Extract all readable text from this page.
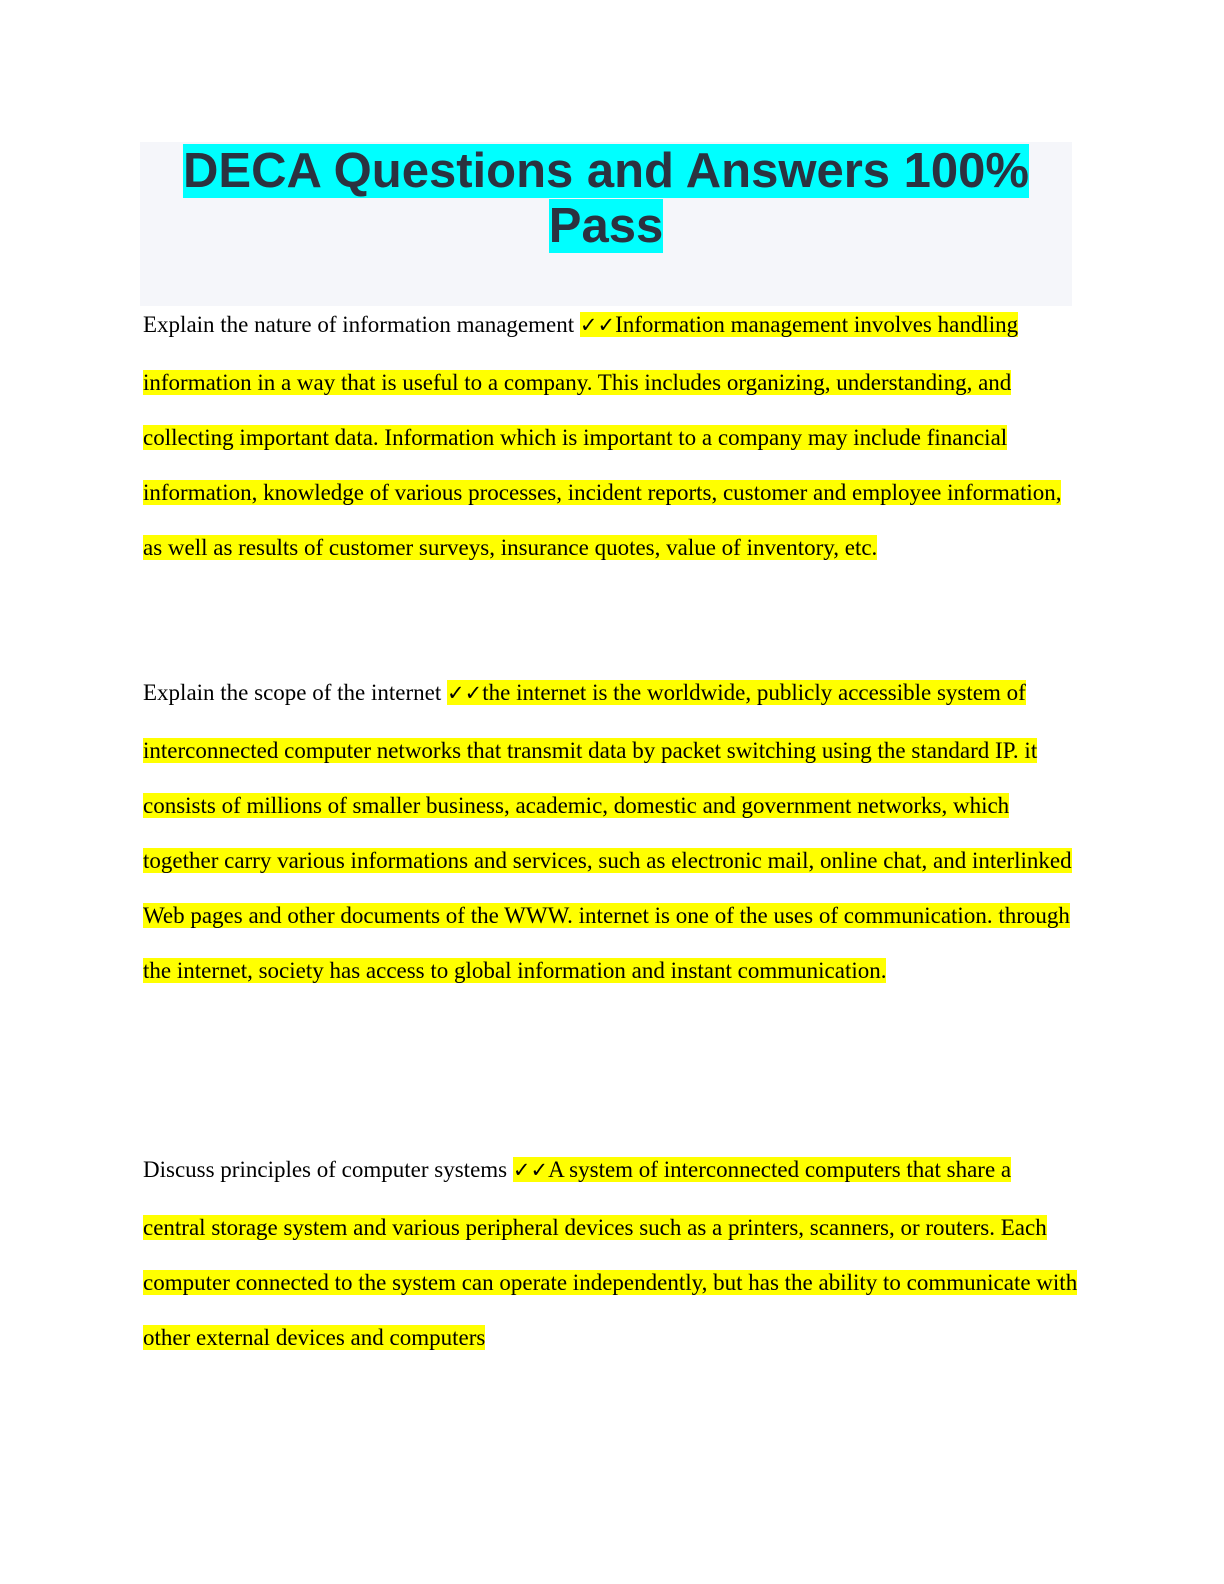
DECA Questions and Answers 100% Pass
Explain the nature of information management ✓✓Information management involves handling
information in a way that is useful to a company. This includes organizing, understanding, and collecting important data. Information which is important to a company may include financial information, knowledge of various processes, incident reports, customer and employee information, as well as results of customer surveys, insurance quotes, value of inventory, etc.
Explain the scope of the internet ✓✓the internet is the worldwide, publicly accessible system of
interconnected computer networks that transmit data by packet switching using the standard IP. it consists of millions of smaller business, academic, domestic and government networks, which together carry various informations and services, such as electronic mail, online chat, and interlinked Web pages and other documents of the WWW. internet is one of the uses of communication. through the internet, society has access to global information and instant communication.
Discuss principles of computer systems ✓✓A system of interconnected computers that share a
central storage system and various peripheral devices such as a printers, scanners, or routers. Each computer connected to the system can operate independently, but has the ability to communicate with other external devices and computers
